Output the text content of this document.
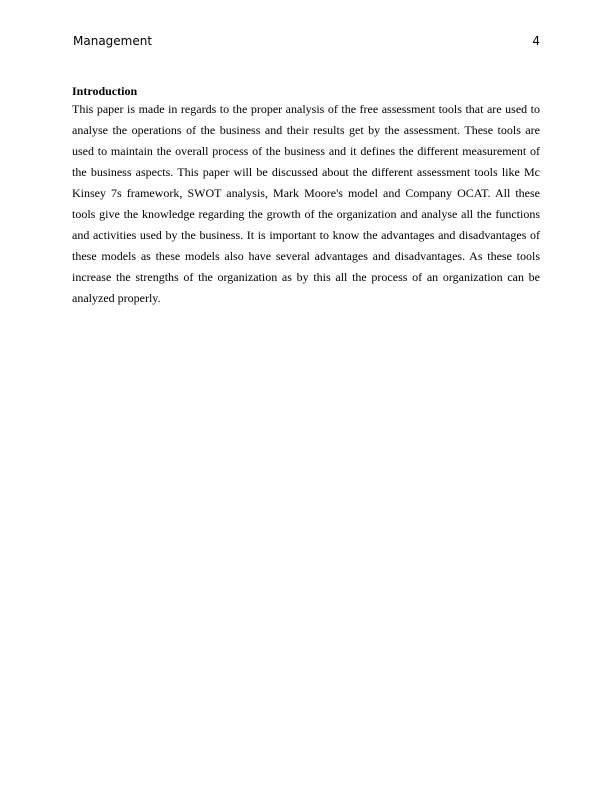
Management	4
Introduction

This paper is made in regards to the proper analysis of the free assessment tools that are used to analyse the operations of the business and their results get by the assessment. These tools are used to maintain the overall process of the business and it defines the different measurement of the business aspects. This paper will be discussed about the different assessment tools like Mc Kinsey 7s framework, SWOT analysis, Mark Moore's model and Company OCAT. All these tools give the knowledge regarding the growth of the organization and analyse all the functions and activities used by the business. It is important to know the advantages and disadvantages of these models as these models also have several advantages and disadvantages. As these tools increase the strengths of the organization as by this all the process of an organization can be analyzed properly.
